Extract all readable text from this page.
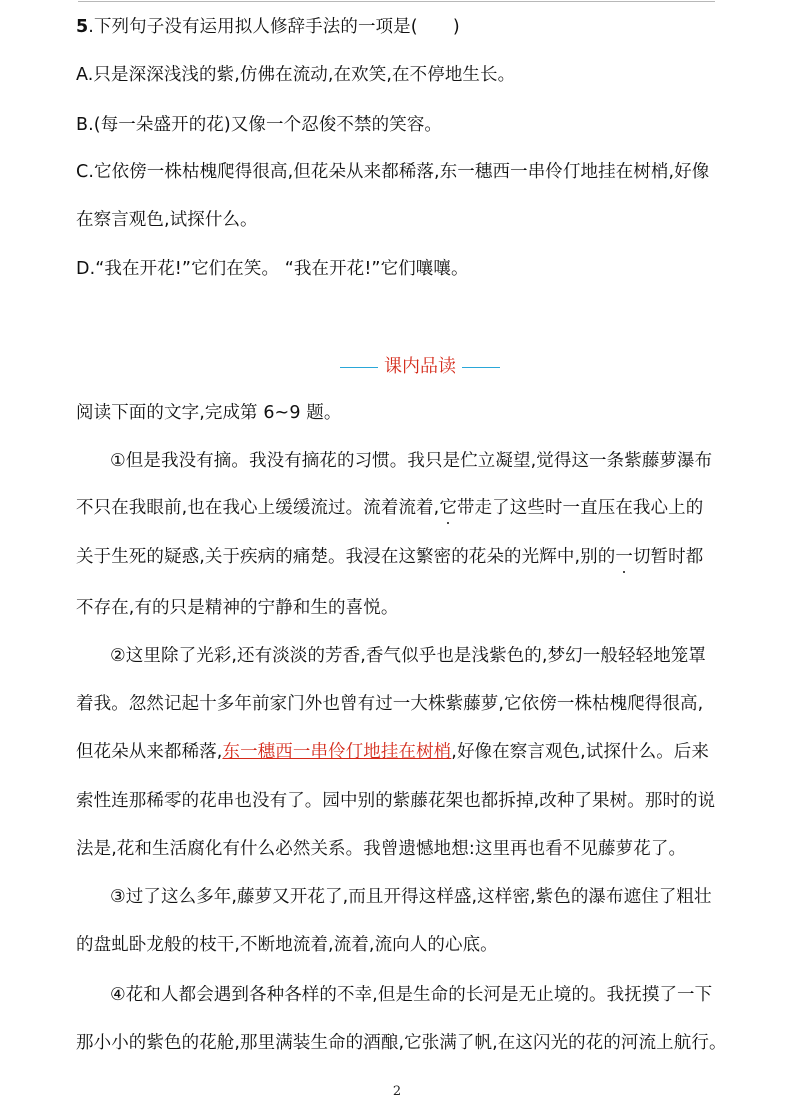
5.下列句子没有运用拟人修辞手法的一项是(　　)
A.只是深深浅浅的紫,仿佛在流动,在欢笑,在不停地生长。
B.(每一朵盛开的花)又像一个忍俊不禁的笑容。
C.它依傍一株枯槐爬得很高,但花朵从来都稀落,东一穗西一串伶仃地挂在树梢,好像
在察言观色,试探什么。
D.“我在开花!”它们在笑。 “我在开花!”它们嚷嚷。
课内品读
阅读下面的文字,完成第 6~9 题。
①但是我没有摘。我没有摘花的习惯。我只是伫立凝望,觉得这一条紫藤萝瀑布
不只在我眼前,也在我心上缓缓流过。流着流着,它带走了这些时一直压在我心上的
关于生死的疑惑,关于疾病的痛楚。我浸在这繁密的花朵的光辉中,别的一切暂时都
不存在,有的只是精神的宁静和生的喜悦。
②这里除了光彩,还有淡淡的芳香,香气似乎也是浅紫色的,梦幻一般轻轻地笼罩
着我。忽然记起十多年前家门外也曾有过一大株紫藤萝,它依傍一株枯槐爬得很高,
但花朵从来都稀落,东一穗西一串伶仃地挂在树梢,好像在察言观色,试探什么。后来
索性连那稀零的花串也没有了。园中别的紫藤花架也都拆掉,改种了果树。那时的说
法是,花和生活腐化有什么必然关系。我曾遗憾地想:这里再也看不见藤萝花了。
③过了这么多年,藤萝又开花了,而且开得这样盛,这样密,紫色的瀑布遮住了粗壮
的盘虬卧龙般的枝干,不断地流着,流着,流向人的心底。
④花和人都会遇到各种各样的不幸,但是生命的长河是无止境的。我抚摸了一下
那小小的紫色的花舱,那里满装生命的酒酿,它张满了帆,在这闪光的花的河流上航行。
2
